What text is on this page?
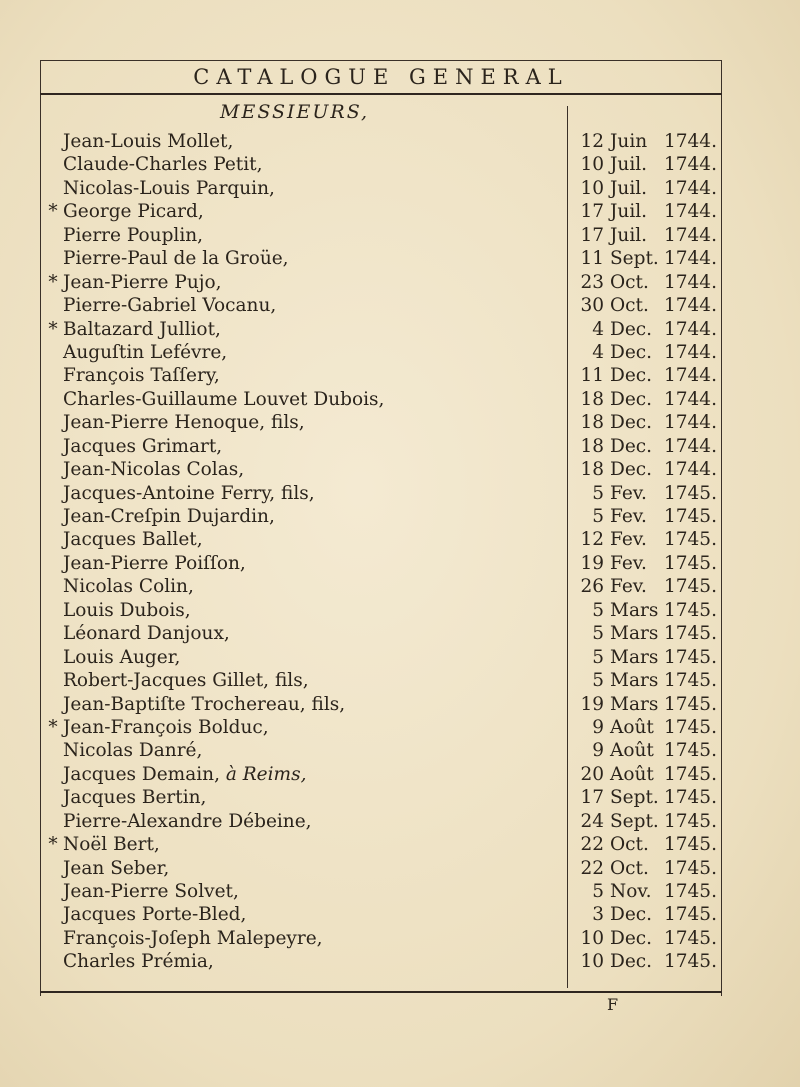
CATALOGUE GENERAL
MESSIEURS,
Jean-Louis Mollet,	12 Juin 1744.
Claude-Charles Petit,	10 Juil. 1744.
Nicolas-Louis Parquin,	10 Juil. 1744.
* George Picard,	17 Juil. 1744.
Pierre Pouplin,	17 Juil. 1744.
Pierre-Paul de la Groüe,	11 Sept. 1744.
* Jean-Pierre Pujo,	23 Oct. 1744.
Pierre-Gabriel Vocanu,	30 Oct. 1744.
* Baltazard Julliot,	4 Dec. 1744.
Auguſtin Lefévre,	4 Dec. 1744.
François Taſſery,	11 Dec. 1744.
Charles-Guillaume Louvet Dubois,	18 Dec. 1744.
Jean-Pierre Henoque, fils,	18 Dec. 1744.
Jacques Grimart,	18 Dec. 1744.
Jean-Nicolas Colas,	18 Dec. 1744.
Jacques-Antoine Ferry, fils,	5 Fev. 1745.
Jean-Creſpin Dujardin,	5 Fev. 1745.
Jacques Ballet,	12 Fev. 1745.
Jean-Pierre Poiſſon,	19 Fev. 1745.
Nicolas Colin,	26 Fev. 1745.
Louis Dubois,	5 Mars 1745.
Léonard Danjoux,	5 Mars 1745.
Louis Auger,	5 Mars 1745.
Robert-Jacques Gillet, fils,	5 Mars 1745.
Jean-Baptiſte Trochereau, fils,	19 Mars 1745.
* Jean-François Bolduc,	9 Août 1745.
Nicolas Danré,	9 Août 1745.
Jacques Demain, à Reims,	20 Août 1745.
Jacques Bertin,	17 Sept. 1745.
Pierre-Alexandre Débeine,	24 Sept. 1745.
* Noël Bert,	22 Oct. 1745.
Jean Seber,	22 Oct. 1745.
Jean-Pierre Solvet,	5 Nov. 1745.
Jacques Porte-Bled,	3 Dec. 1745.
François-Joſeph Malepeyre,	10 Dec. 1745.
Charles Prémia,	10 Dec. 1745.
F
